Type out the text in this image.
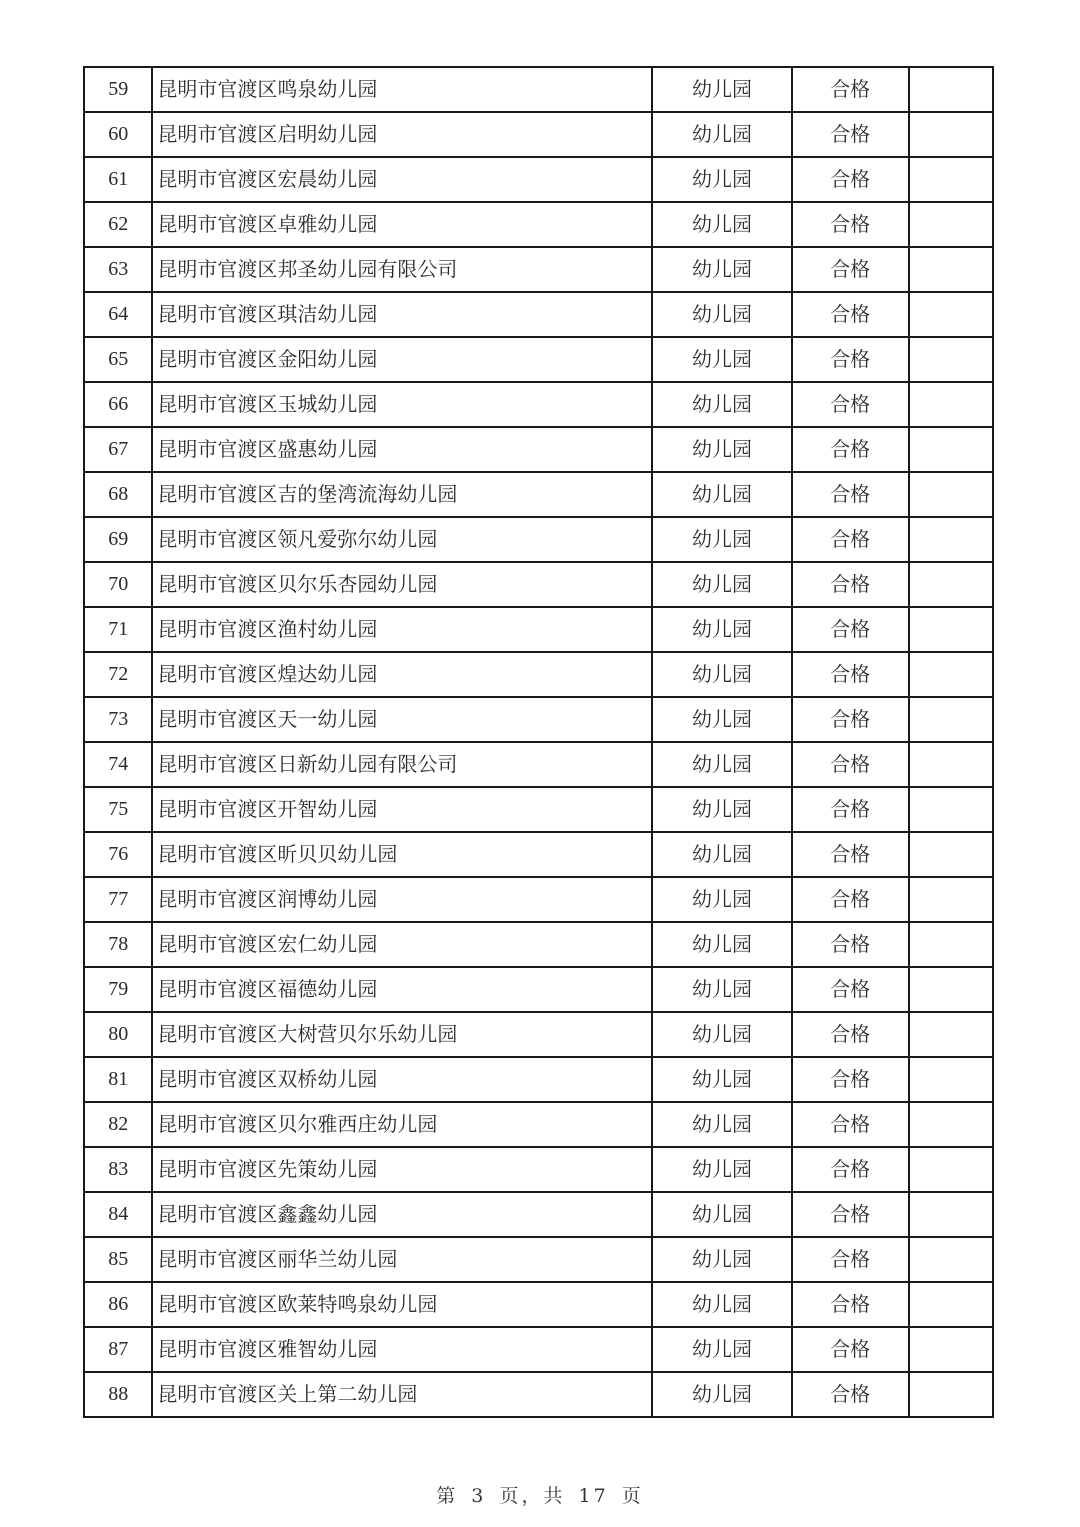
59	昆明市官渡区鸣泉幼儿园	幼儿园	合格	
60	昆明市官渡区启明幼儿园	幼儿园	合格	
61	昆明市官渡区宏晨幼儿园	幼儿园	合格	
62	昆明市官渡区卓雅幼儿园	幼儿园	合格	
63	昆明市官渡区邦圣幼儿园有限公司	幼儿园	合格	
64	昆明市官渡区琪洁幼儿园	幼儿园	合格	
65	昆明市官渡区金阳幼儿园	幼儿园	合格	
66	昆明市官渡区玉城幼儿园	幼儿园	合格	
67	昆明市官渡区盛惠幼儿园	幼儿园	合格	
68	昆明市官渡区吉的堡湾流海幼儿园	幼儿园	合格	
69	昆明市官渡区领凡爱弥尔幼儿园	幼儿园	合格	
70	昆明市官渡区贝尔乐杏园幼儿园	幼儿园	合格	
71	昆明市官渡区渔村幼儿园	幼儿园	合格	
72	昆明市官渡区煌达幼儿园	幼儿园	合格	
73	昆明市官渡区天一幼儿园	幼儿园	合格	
74	昆明市官渡区日新幼儿园有限公司	幼儿园	合格	
75	昆明市官渡区开智幼儿园	幼儿园	合格	
76	昆明市官渡区昕贝贝幼儿园	幼儿园	合格	
77	昆明市官渡区润博幼儿园	幼儿园	合格	
78	昆明市官渡区宏仁幼儿园	幼儿园	合格	
79	昆明市官渡区福德幼儿园	幼儿园	合格	
80	昆明市官渡区大树营贝尔乐幼儿园	幼儿园	合格	
81	昆明市官渡区双桥幼儿园	幼儿园	合格	
82	昆明市官渡区贝尔雅西庄幼儿园	幼儿园	合格	
83	昆明市官渡区先策幼儿园	幼儿园	合格	
84	昆明市官渡区鑫鑫幼儿园	幼儿园	合格	
85	昆明市官渡区丽华兰幼儿园	幼儿园	合格	
86	昆明市官渡区欧莱特鸣泉幼儿园	幼儿园	合格	
87	昆明市官渡区雅智幼儿园	幼儿园	合格	
88	昆明市官渡区关上第二幼儿园	幼儿园	合格	
第 3 页，共 17 页
